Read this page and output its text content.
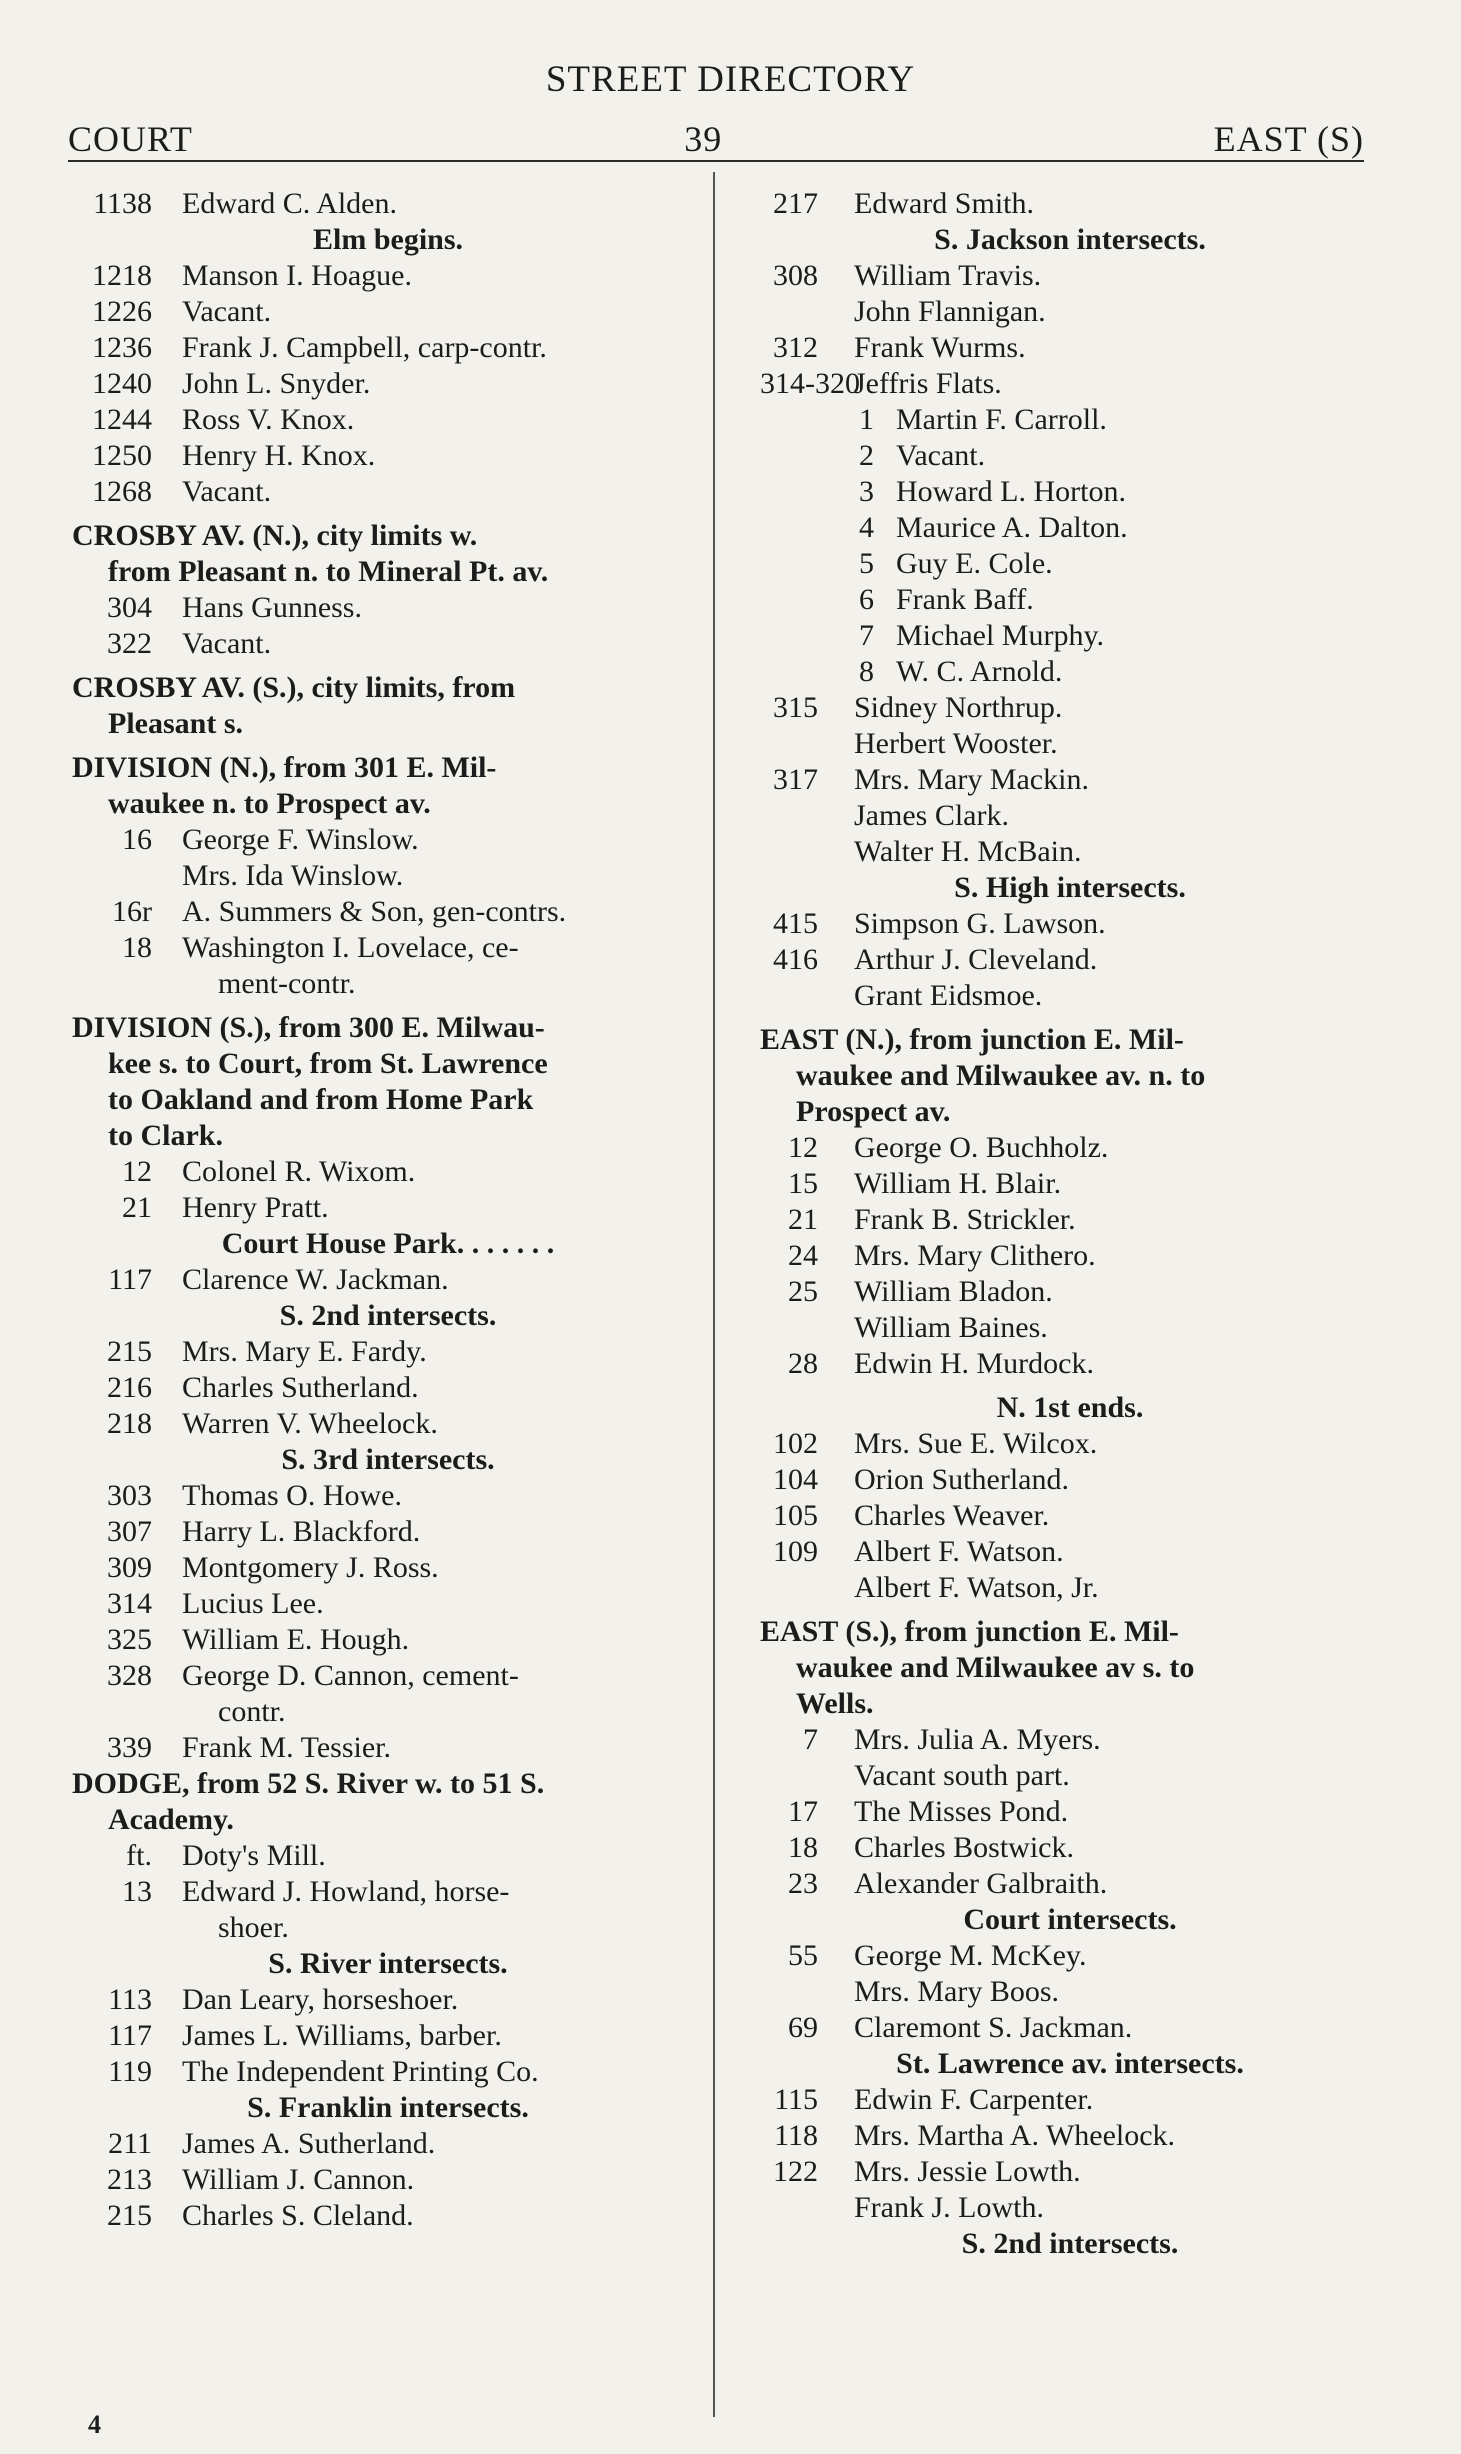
STREET DIRECTORY
COURT	39	EAST (S)
1138 Edward C. Alden.
Elm begins.
1218 Manson I. Hoague.
1226 Vacant.
1236 Frank J. Campbell, carp-contr.
1240 John L. Snyder.
1244 Ross V. Knox.
1250 Henry H. Knox.
1268 Vacant.
CROSBY AV. (N.), city limits w.
from Pleasant n. to Mineral Pt. av.
304 Hans Gunness.
322 Vacant.
CROSBY AV. (S.), city limits, from
Pleasant s.
DIVISION (N.), from 301 E. Mil-
waukee n. to Prospect av.
16 George F. Winslow.
Mrs. Ida Winslow.
16r A. Summers & Son, gen-contrs.
18 Washington I. Lovelace, ce-
ment-contr.
DIVISION (S.), from 300 E. Milwau-
kee s. to Court, from St. Lawrence
to Oakland and from Home Park
to Clark.
12 Colonel R. Wixom.
21 Henry Pratt.
Court House Park. . . . . . .
117 Clarence W. Jackman.
S. 2nd intersects.
215 Mrs. Mary E. Fardy.
216 Charles Sutherland.
218 Warren V. Wheelock.
S. 3rd intersects.
303 Thomas O. Howe.
307 Harry L. Blackford.
309 Montgomery J. Ross.
314 Lucius Lee.
325 William E. Hough.
328 George D. Cannon, cement-
contr.
339 Frank M. Tessier.
DODGE, from 52 S. River w. to 51 S.
Academy.
ft. Doty's Mill.
13 Edward J. Howland, horse-
shoer.
S. River intersects.
113 Dan Leary, horseshoer.
117 James L. Williams, barber.
119 The Independent Printing Co.
S. Franklin intersects.
211 James A. Sutherland.
213 William J. Cannon.
215 Charles S. Cleland.
217 Edward Smith.
S. Jackson intersects.
308 William Travis.
John Flannigan.
312 Frank Wurms.
314-320Jeffris Flats.
1 Martin F. Carroll.
2 Vacant.
3 Howard L. Horton.
4 Maurice A. Dalton.
5 Guy E. Cole.
6 Frank Baff.
7 Michael Murphy.
8 W. C. Arnold.
315 Sidney Northrup.
Herbert Wooster.
317 Mrs. Mary Mackin.
James Clark.
Walter H. McBain.
S. High intersects.
415 Simpson G. Lawson.
416 Arthur J. Cleveland.
Grant Eidsmoe.
EAST (N.), from junction E. Mil-
waukee and Milwaukee av. n. to
Prospect av.
12 George O. Buchholz.
15 William H. Blair.
21 Frank B. Strickler.
24 Mrs. Mary Clithero.
25 William Bladon.
William Baines.
28 Edwin H. Murdock.
N. 1st ends.
102 Mrs. Sue E. Wilcox.
104 Orion Sutherland.
105 Charles Weaver.
109 Albert F. Watson.
Albert F. Watson, Jr.
EAST (S.), from junction E. Mil-
waukee and Milwaukee av s. to
Wells.
7 Mrs. Julia A. Myers.
Vacant south part.
17 The Misses Pond.
18 Charles Bostwick.
23 Alexander Galbraith.
Court intersects.
55 George M. McKey.
Mrs. Mary Boos.
69 Claremont S. Jackman.
St. Lawrence av. intersects.
115 Edwin F. Carpenter.
118 Mrs. Martha A. Wheelock.
122 Mrs. Jessie Lowth.
Frank J. Lowth.
S. 2nd intersects.
4
